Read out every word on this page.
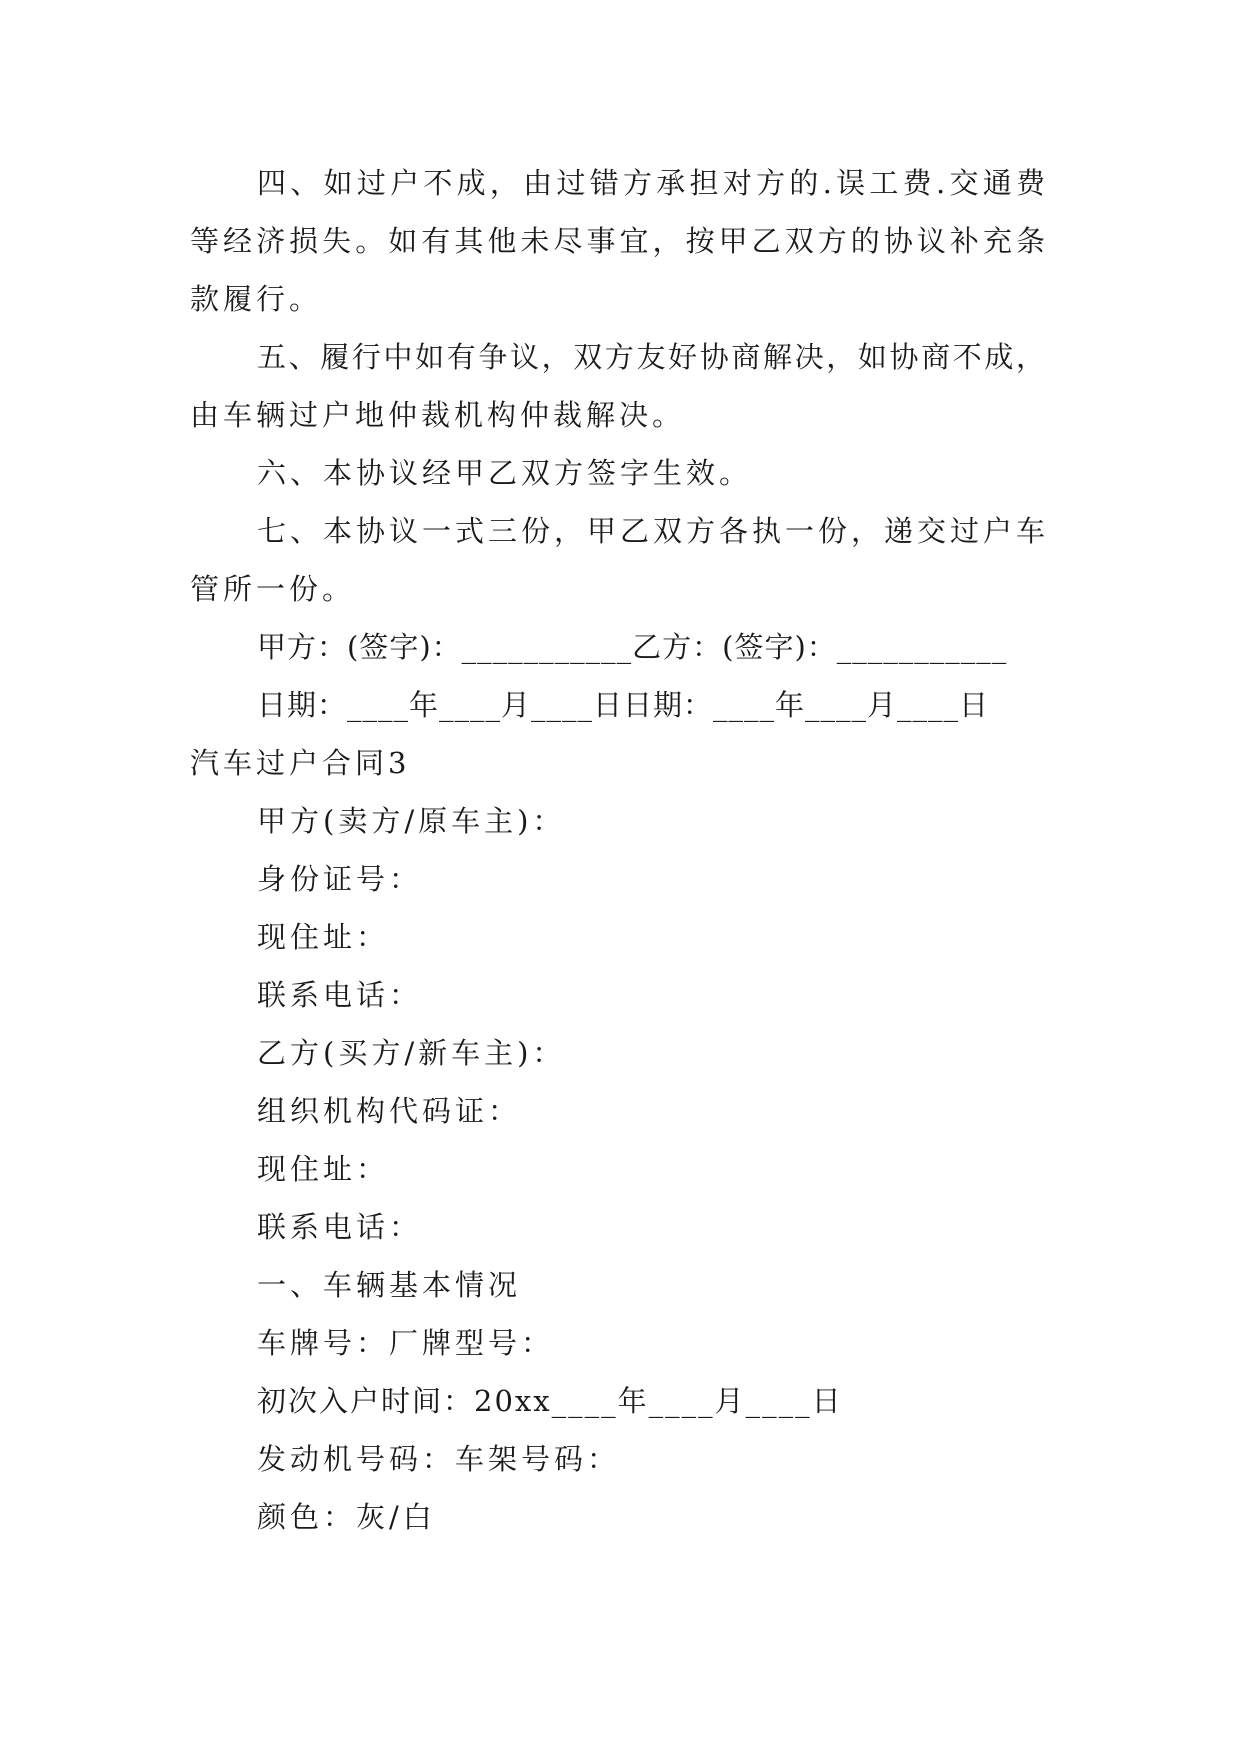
四、如过户不成，由过错方承担对方的.误工费.交通费
等经济损失。如有其他未尽事宜，按甲乙双方的协议补充条
款履行。
五、履行中如有争议，双方友好协商解决，如协商不成，
由车辆过户地仲裁机构仲裁解决。
六、本协议经甲乙双方签字生效。
七、本协议一式三份，甲乙双方各执一份，递交过户车
管所一份。
甲方：(签字)：___________乙方：(签字)：___________
日期：____年____月____日日期：____年____月____日
汽车过户合同3
甲方(卖方/原车主)：
身份证号：
现住址：
联系电话：
乙方(买方/新车主)：
组织机构代码证：
现住址：
联系电话：
一、车辆基本情况
车牌号：厂牌型号：
初次入户时间：20xx____年____月____日
发动机号码：车架号码：
颜色：灰/白
